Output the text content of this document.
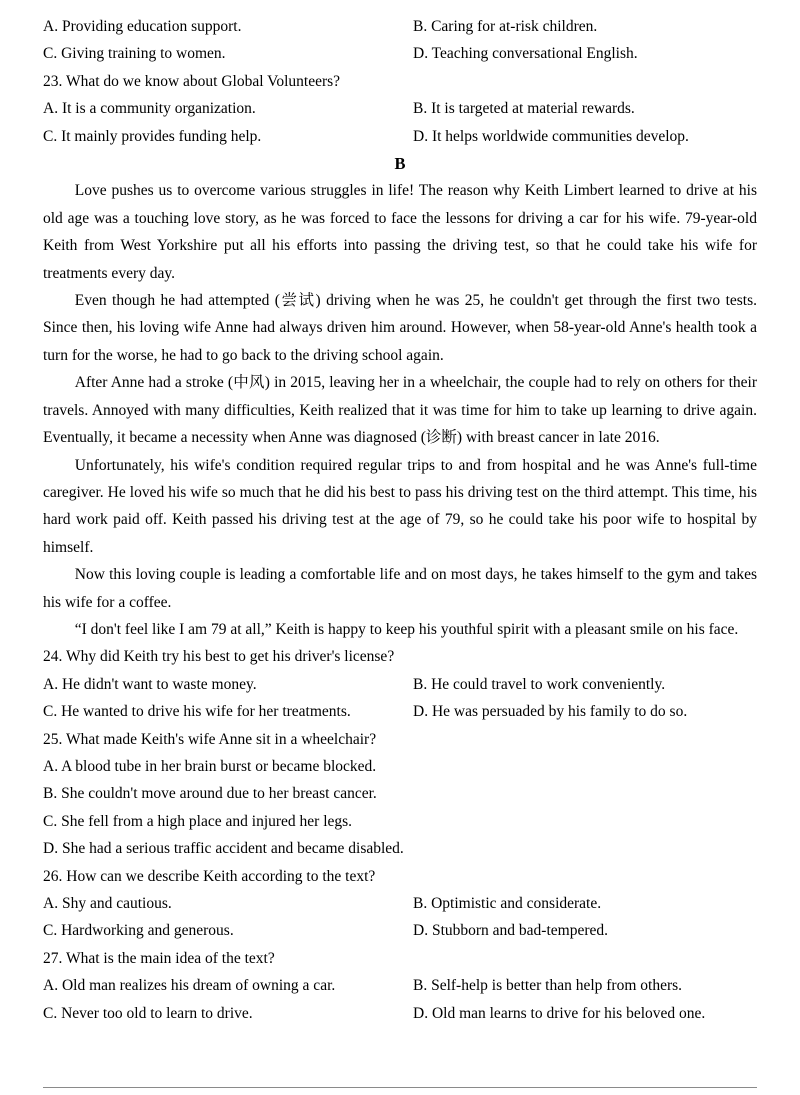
A. Providing education support.	B. Caring for at-risk children.
C. Giving training to women.	D. Teaching conversational English.
23. What do we know about Global Volunteers?
A. It is a community organization.	B. It is targeted at material rewards.
C. It mainly provides funding help.	D. It helps worldwide communities develop.
B

Love pushes us to overcome various struggles in life! The reason why Keith Limbert learned to drive at his old age was a touching love story, as he was forced to face the lessons for driving a car for his wife. 79-year-old Keith from West Yorkshire put all his efforts into passing the driving test, so that he could take his wife for treatments every day.

Even though he had attempted (尝试) driving when he was 25, he couldn't get through the first two tests. Since then, his loving wife Anne had always driven him around. However, when 58-year-old Anne's health took a turn for the worse, he had to go back to the driving school again.

After Anne had a stroke (中风) in 2015, leaving her in a wheelchair, the couple had to rely on others for their travels. Annoyed with many difficulties, Keith realized that it was time for him to take up learning to drive again. Eventually, it became a necessity when Anne was diagnosed (诊断) with breast cancer in late 2016.

Unfortunately, his wife's condition required regular trips to and from hospital and he was Anne's full-time caregiver. He loved his wife so much that he did his best to pass his driving test on the third attempt. This time, his hard work paid off. Keith passed his driving test at the age of 79, so he could take his poor wife to hospital by himself.

Now this loving couple is leading a comfortable life and on most days, he takes himself to the gym and takes his wife for a coffee.

“I don't feel like I am 79 at all,” Keith is happy to keep his youthful spirit with a pleasant smile on his face.

24. Why did Keith try his best to get his driver's license?
A. He didn't want to waste money.	B. He could travel to work conveniently.
C. He wanted to drive his wife for her treatments.	D. He was persuaded by his family to do so.
25. What made Keith's wife Anne sit in a wheelchair?
A. A blood tube in her brain burst or became blocked.
B. She couldn't move around due to her breast cancer.
C. She fell from a high place and injured her legs.
D. She had a serious traffic accident and became disabled.
26. How can we describe Keith according to the text?
A. Shy and cautious.	B. Optimistic and considerate.
C. Hardworking and generous.	D. Stubborn and bad-tempered.
27. What is the main idea of the text?
A. Old man realizes his dream of owning a car.	B. Self-help is better than help from others.
C. Never too old to learn to drive.	D. Old man learns to drive for his beloved one.
